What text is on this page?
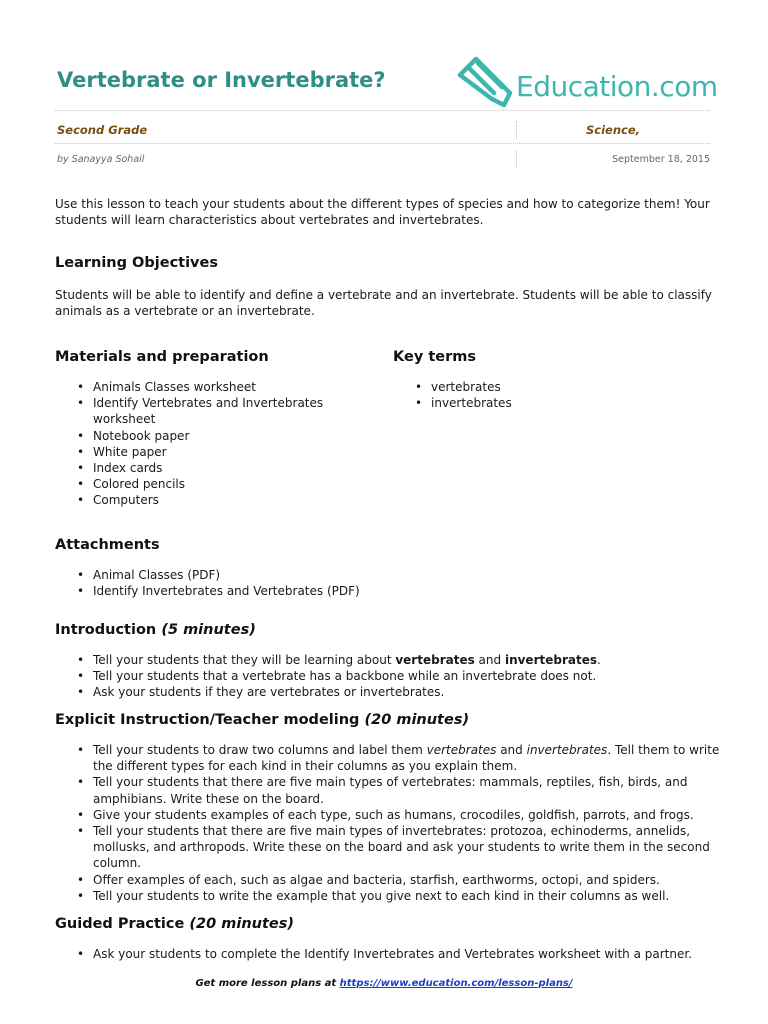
Vertebrate or Invertebrate?	Education.com
Second Grade	Science,
by Sanayya Sohail	September 18, 2015

Use this lesson to teach your students about the different types of species and how to categorize them! Your students will learn characteristics about vertebrates and invertebrates.

Learning Objectives

Students will be able to identify and define a vertebrate and an invertebrate. Students will be able to classify animals as a vertebrate or an invertebrate.

Materials and preparation
• Animals Classes worksheet
• Identify Vertebrates and Invertebrates worksheet
• Notebook paper
• White paper
• Index cards
• Colored pencils
• Computers
Key terms
• vertebrates
• invertebrates
Attachments
• Animal Classes (PDF)
• Identify Invertebrates and Vertebrates (PDF)
Introduction (5 minutes)
• Tell your students that they will be learning about vertebrates and invertebrates.
• Tell your students that a vertebrate has a backbone while an invertebrate does not.
• Ask your students if they are vertebrates or invertebrates.
Explicit Instruction/Teacher modeling (20 minutes)
• Tell your students to draw two columns and label them vertebrates and invertebrates. Tell them to write the different types for each kind in their columns as you explain them.
• Tell your students that there are five main types of vertebrates: mammals, reptiles, fish, birds, and amphibians. Write these on the board.
• Give your students examples of each type, such as humans, crocodiles, goldfish, parrots, and frogs.
• Tell your students that there are five main types of invertebrates: protozoa, echinoderms, annelids, mollusks, and arthropods. Write these on the board and ask your students to write them in the second column.
• Offer examples of each, such as algae and bacteria, starfish, earthworms, octopi, and spiders.
• Tell your students to write the example that you give next to each kind in their columns as well.
Guided Practice (20 minutes)
• Ask your students to complete the Identify Invertebrates and Vertebrates worksheet with a partner.
Get more lesson plans at https://www.education.com/lesson-plans/
